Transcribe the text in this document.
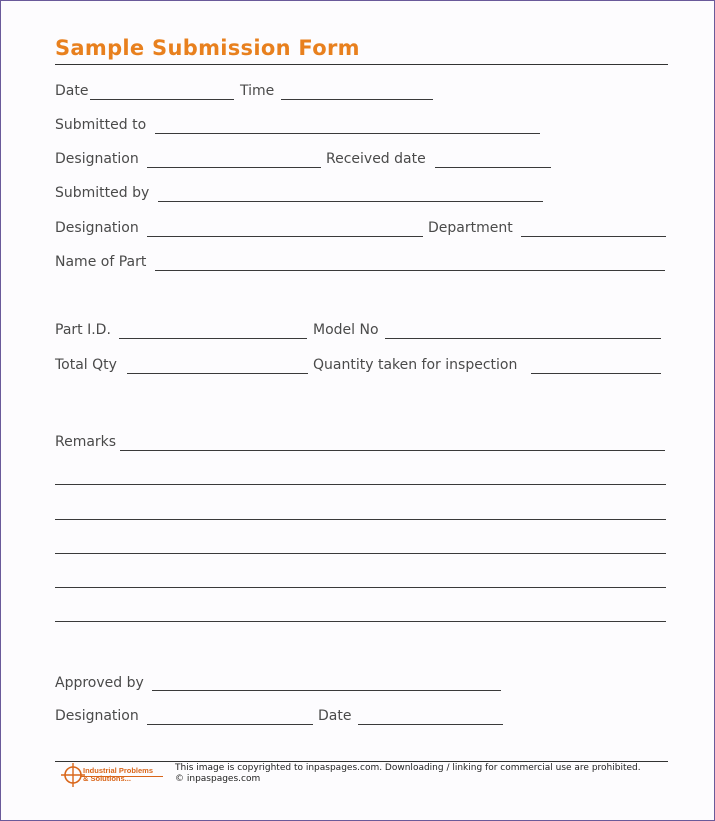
Sample Submission Form
Date	Time
Submitted to
Designation	Received date
Submitted by
Designation	Department
Name of Part
Part I.D.	Model No
Total Qty	Quantity taken for inspection
Remarks
Approved by
Designation	Date
Industrial Problems
& Solutions...
This image is copyrighted to inpaspages.com. Downloading / linking for commercial use are prohibited.
© inpaspages.com
